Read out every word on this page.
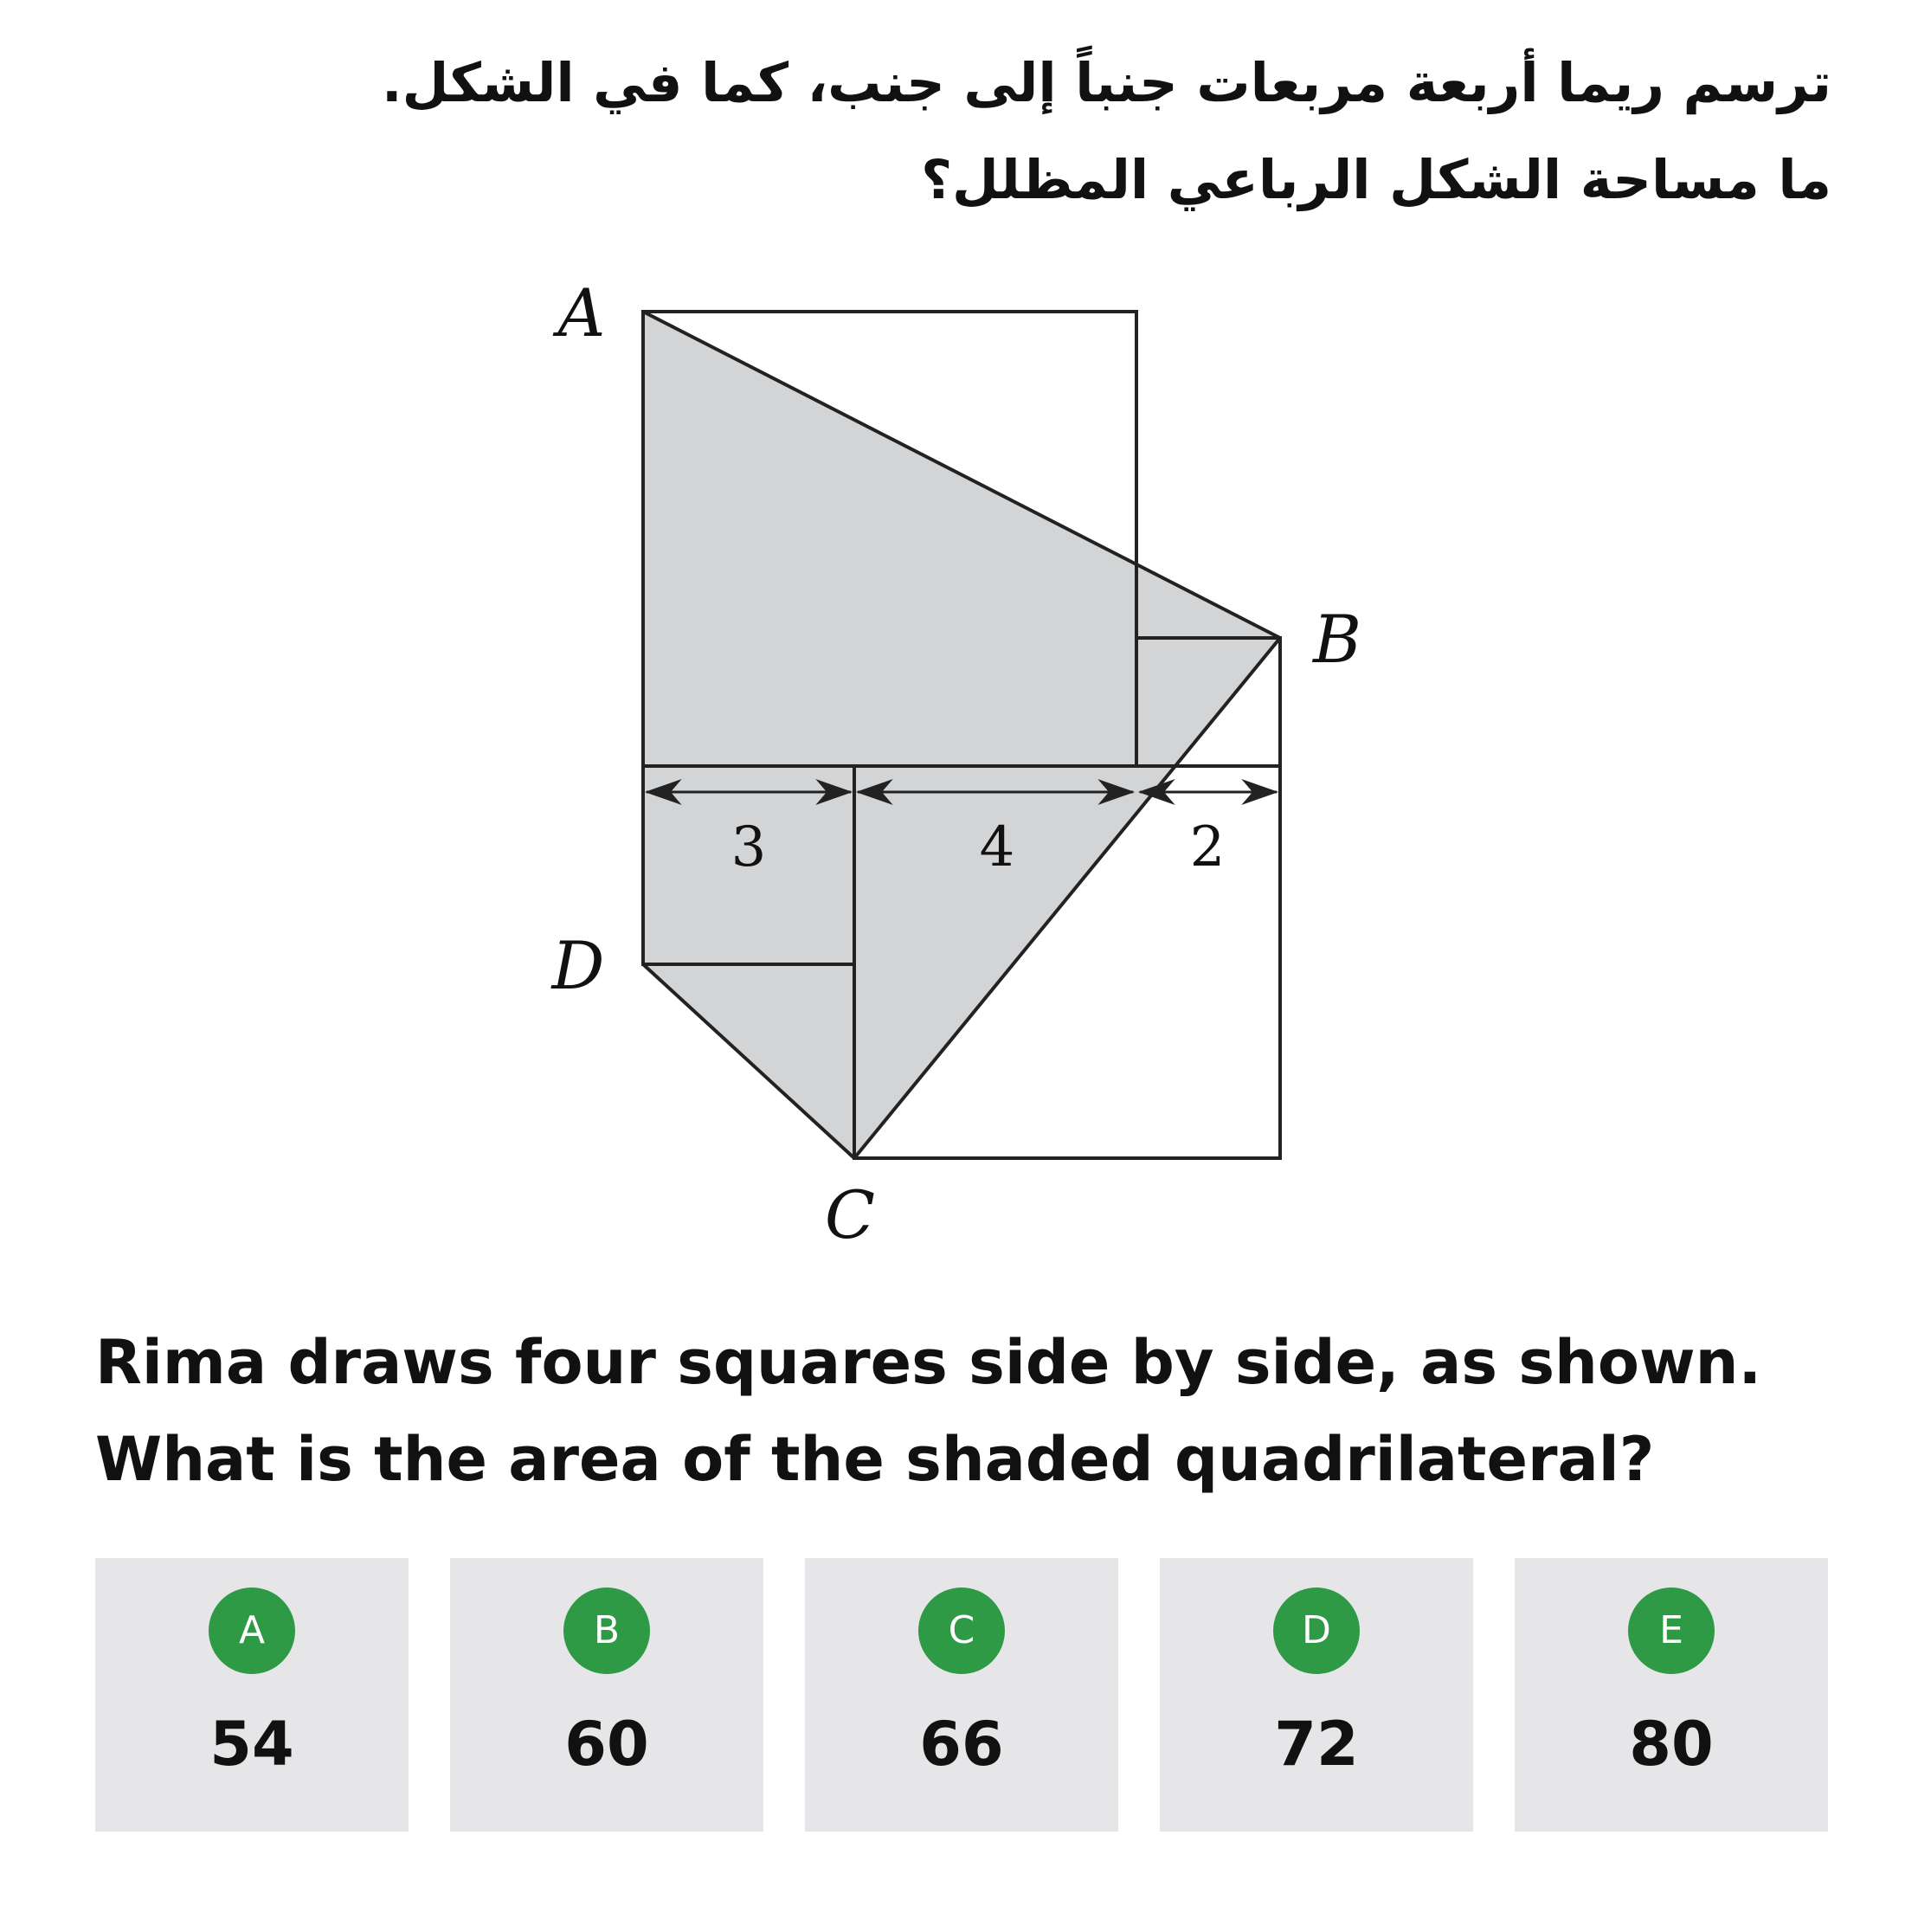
ترسم ريما أربعة مربعات جنباً إلى جنب، كما في الشكل.
ما مساحة الشكل الرباعي المظلل؟
3	4	2
A
B
C
D
Rima draws four squares side by side, as shown.
What is the area of the shaded quadrilateral?
A
54
B
60
C
66
D
72
E
80
